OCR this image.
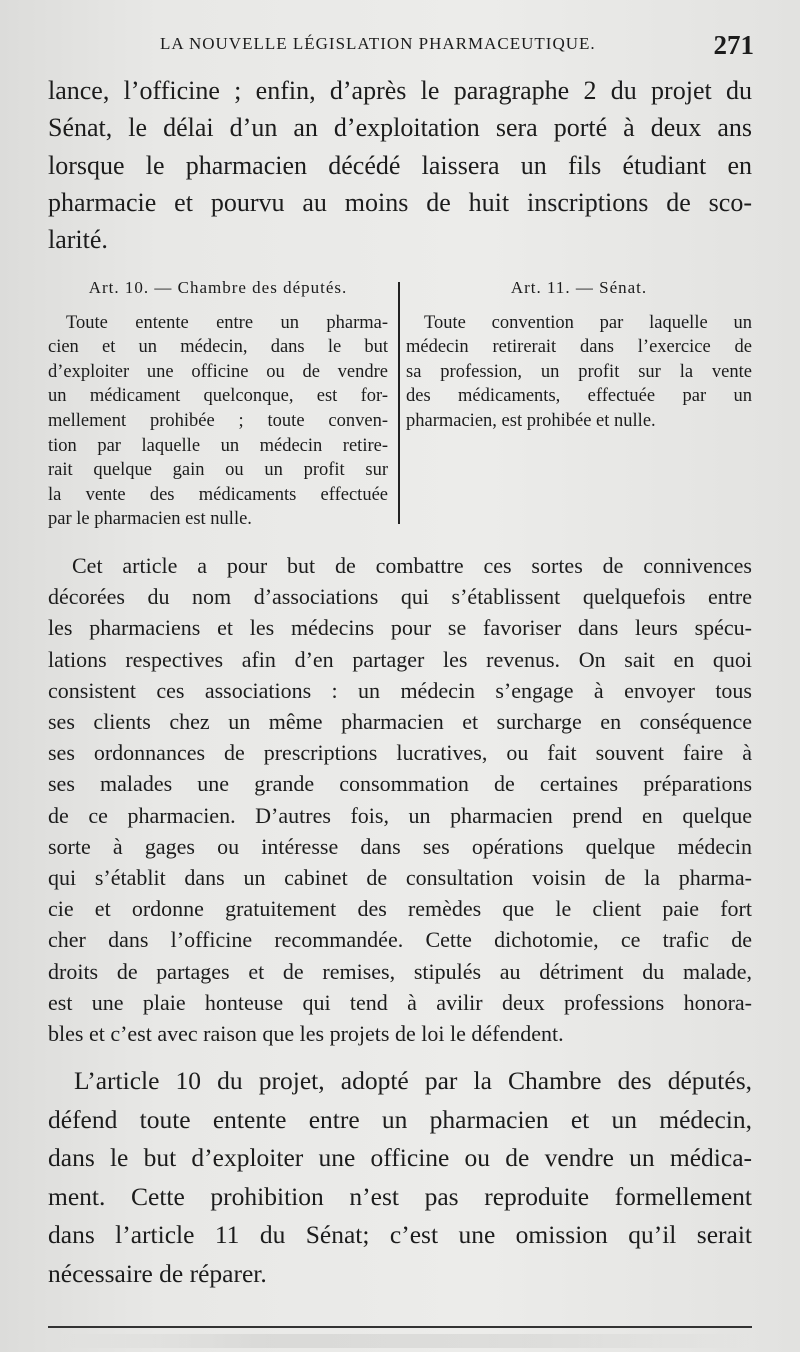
LA NOUVELLE LÉGISLATION PHARMACEUTIQUE.	271
lance, l’officine ; enfin, d’après le paragraphe 2 du projet du
Sénat, le délai d’un an d’exploitation sera porté à deux ans
lorsque le pharmacien décédé laissera un fils étudiant en
pharmacie et pourvu au moins de huit inscriptions de sco-
larité.
Art. 10. — Chambre des députés.
Toute entente entre un pharma-
cien et un médecin, dans le but
d’exploiter une officine ou de vendre
un médicament quelconque, est for-
mellement prohibée ; toute conven-
tion par laquelle un médecin retire-
rait quelque gain ou un profit sur
la vente des médicaments effectuée
par le pharmacien est nulle.
Art. 11. — Sénat.
Toute convention par laquelle un
médecin retirerait dans l’exercice de
sa profession, un profit sur la vente
des médicaments, effectuée par un
pharmacien, est prohibée et nulle.
Cet article a pour but de combattre ces sortes de connivences
décorées du nom d’associations qui s’établissent quelquefois entre
les pharmaciens et les médecins pour se favoriser dans leurs spécu-
lations respectives afin d’en partager les revenus. On sait en quoi
consistent ces associations : un médecin s’engage à envoyer tous
ses clients chez un même pharmacien et surcharge en conséquence
ses ordonnances de prescriptions lucratives, ou fait souvent faire à
ses malades une grande consommation de certaines préparations
de ce pharmacien. D’autres fois, un pharmacien prend en quelque
sorte à gages ou intéresse dans ses opérations quelque médecin
qui s’établit dans un cabinet de consultation voisin de la pharma-
cie et ordonne gratuitement des remèdes que le client paie fort
cher dans l’officine recommandée. Cette dichotomie, ce trafic de
droits de partages et de remises, stipulés au détriment du malade,
est une plaie honteuse qui tend à avilir deux professions honora-
bles et c’est avec raison que les projets de loi le défendent.
L’article 10 du projet, adopté par la Chambre des députés,
défend toute entente entre un pharmacien et un médecin,
dans le but d’exploiter une officine ou de vendre un médica-
ment. Cette prohibition n’est pas reproduite formellement
dans l’article 11 du Sénat; c’est une omission qu’il serait
nécessaire de réparer.
